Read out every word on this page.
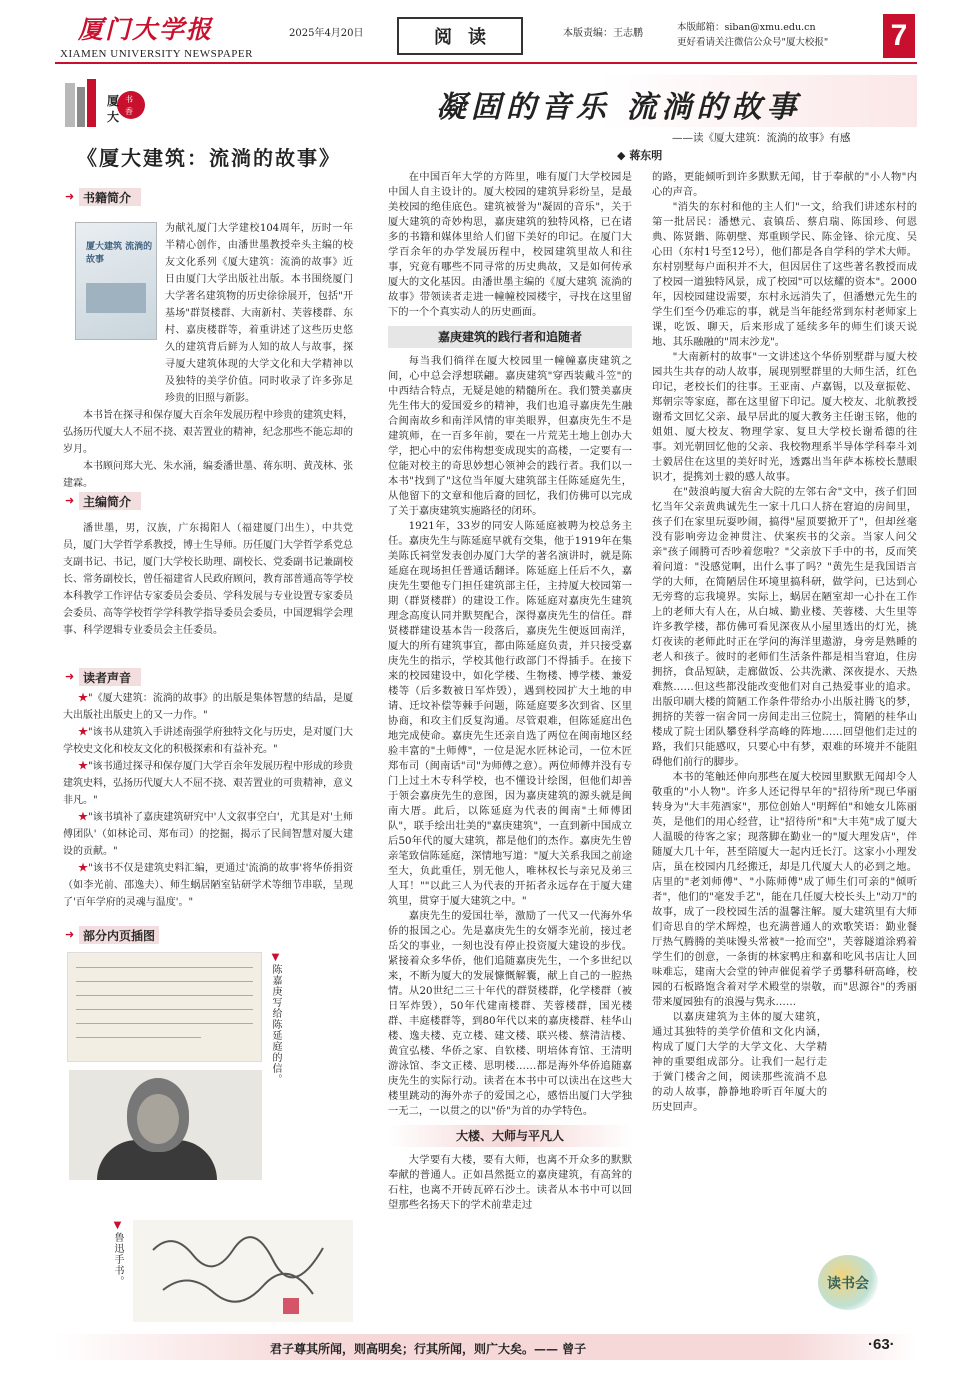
厦门大学报
XIAMEN UNIVERSITY NEWSPAPER
2025年4月20日	阅读	本版责编：王志鹏
本版邮箱：siban@xmu.edu.cn
更好看请关注微信公众号"厦大校报" 7
厦
大
书
香
《厦大建筑：流淌的故事》
➜ 书籍简介
厦大建筑 流淌的故事
为献礼厦门大学建校104周年，历时一年半精心创作，由潘世墨教授牵头主编的校友文化系列《厦大建筑：流淌的故事》近日由厦门大学出版社出版。本书围绕厦门大学著名建筑物的历史徐徐展开，包括"开基场"群贤楼群、大南新村、芙蓉楼群、东村、嘉庚楼群等，着重讲述了这些历史悠久的建筑背后鲜为人知的故人与故事，探寻厦大建筑体现的大学文化和大学精神以及独特的美学价值。同时收录了许多弥足珍贵的旧照与新影。
本书旨在探寻和保存厦大百余年发展历程中珍贵的建筑史料，弘扬历代厦大人不屈不挠、艰苦置业的精神，纪念那些不能忘却的岁月。
本书顾问郑大光、朱水涌，编委潘世墨、蒋东明、黄茂林、张建霖。
➜ 主编简介
潘世墨，男，汉族，广东揭阳人（福建厦门出生），中共党员，厦门大学哲学系教授，博士生导师。历任厦门大学哲学系党总支副书记、书记，厦门大学校长助理、副校长、党委副书记兼副校长、常务副校长，曾任福建省人民政府顾问，教育部普通高等学校本科教学工作评估专家委员会委员、学科发展与专业设置专家委员会委员、高等学校哲学学科教学指导委员会委员，中国逻辑学会理事、科学逻辑专业委员会主任委员。
➜ 读者声音
★"《厦大建筑：流淌的故事》的出版是集体智慧的结晶，是厦大出版社出版史上的又一力作。"
★"该书从建筑入手讲述南强学府独特文化与历史，是对厦门大学校史文化和校友文化的积极探索和有益补充。"
★"该书通过探寻和保存厦门大学百余年发展历程中形成的珍贵建筑史料，弘扬历代厦大人不屈不挠、艰苦置业的可贵精神，意义非凡。"
★"该书填补了嘉庚建筑研究中'人文叙事空白'，尤其是对'土师傅团队'（如林论司、郑布司）的挖掘，揭示了民间智慧对厦大建设的贡献。"
★"该书不仅是建筑史料汇编，更通过'流淌的故事'将华侨捐资（如李光前、邵逸夫）、师生蜗居陋室钻研学术等细节串联，呈现了'百年学府的灵魂与温度'。"
➜ 部分内页插图
▼陈嘉庚写给陈延庭的信。
▼鲁迅手书。
凝固的音乐 流淌的故事
——读《厦大建筑：流淌的故事》有感
◆ 蒋东明

在中国百年大学的方阵里，唯有厦门大学校园是中国人自主设计的。厦大校园的建筑异彩纷呈，是最美校园的绝佳底色。建筑被誉为"凝固的音乐"，关于厦大建筑的奇妙构思，嘉庚建筑的独特风格，已在诸多的书籍和媒体里给人们留下美好的印记。在厦门大学百余年的办学发展历程中，校园建筑里故人和往事，究竟有哪些不同寻常的历史典故，又是如何传承厦大的文化基因。由潘世墨主编的《厦大建筑 流淌的故事》带领读者走进一幢幢校园楼宇，寻找在这里留下的一个个真实动人的历史画面。

嘉庚建筑的践行者和追随者

每当我们徜徉在厦大校园里一幢幢嘉庚建筑之间，心中总会浮想联翩。嘉庚建筑"穿西装戴斗笠"的中西结合特点，无疑是她的精髓所在。我们赞美嘉庚先生伟大的爱国爱乡的精神，我们也追寻嘉庚先生融合闽南故乡和南洋风情的审美眼界，但嘉庚先生不是建筑师，在一百多年前，要在一片荒芜土地上创办大学，把心中的宏伟构想变成现实的高楼，一定要有一位能对校主的奇思妙想心领神会的践行者。我们以一本书"找到了"这位当年厦大建筑部主任陈延庭先生，从他留下的文章和他后裔的回忆，我们仿佛可以完成了关于嘉庚建筑实施路径的闭环。

1921年，33岁的同安人陈延庭被聘为校总务主任。嘉庚先生与陈延庭早就有交集，他于1919年在集美陈氏祠堂发表创办厦门大学的著名演讲时，就是陈延庭在现场担任普通话翻译。陈延庭上任后不久，嘉庚先生要他专门担任建筑部主任，主持厦大校园第一期（群贤楼群）的建设工作。陈延庭对嘉庚先生建筑理念高度认同并默契配合，深得嘉庚先生的信任。群贤楼群建设基本告一段落后，嘉庚先生便返回南洋，厦大的所有建筑事宜，都由陈延庭负责，并只接受嘉庚先生的指示，学校其他行政部门不得插手。在接下来的校园建设中，如化学楼、生物楼、博学楼、兼爱楼等（后多数被日军炸毁），遇到校园扩大土地的申请、迁坟补偿等棘手问题，陈延庭要多次到省、区里协商，和攻主们反复沟通。尽管艰难，但陈延庭出色地完成使命。嘉庚先生还亲自选了两位在闽南地区经验丰富的"土师傅"，一位是泥水匠林论司，一位木匠郑布司（闽南话"司"为师傅之意）。两位师傅并没有专门上过土木专科学校，也不懂设计绘图，但他们却善于领会嘉庚先生的意图，因为嘉庚建筑的源头就是闽南大厝。此后，以陈延庭为代表的闽南"土师傅团队"，联手绘出壮美的"嘉庚建筑"，一直到新中国成立后50年代的厦大建筑，都是他们的杰作。嘉庚先生曾亲笔致信陈延庭，深情地写道："厦大关系我国之前途至大，负此重任，别无他人，唯林权长与亲兄及弟三人耳！""以此三人为代表的开拓者永远存在于厦大建筑里，贯穿于厦大建筑之中。"

嘉庚先生的爱国壮举，激励了一代又一代海外华侨的报国之心。先是嘉庚先生的女婿李光前，接过老岳父的事业，一刻也没有停止投资厦大建设的步伐。紧接着众多华侨，他们追随嘉庚先生，一个多世纪以来，不断为厦大的发展慷慨解囊，献上自己的一腔热情。从20世纪二三十年代的群贤楼群，化学楼群（被日军炸毁），50年代建南楼群、芙蓉楼群，国光楼群、丰庭楼群等，到80年代以来的嘉庚楼群、桂华山楼、逸夫楼、克立楼、建文楼、联兴楼、蔡清洁楼、黄宜弘楼、华侨之家、自钦楼、明培体育馆、王清明游泳馆、李文正楼、思明楼……都是海外华侨追随嘉庚先生的实际行动。读者在本书中可以读出在这些大楼里跳动的海外赤子的爱国之心，感悟出厦门大学独一无二，一以贯之的以"侨"为首的办学特色。

大楼、大师与平凡人

大学要有大楼，要有大师，也离不开众多的默默奉献的普通人。正如昌然挺立的嘉庚建筑，有高耸的石柱，也离不开砖瓦碎石沙土。读者从本书中可以回望那些名扬天下的学术前辈走过

的路，更能倾听到许多默默无闻，甘于奉献的"小人物"内心的声音。

"消失的东村和他的主人们"一文，给我们讲述东村的第一批居民：潘懋元、袁镇岳、蔡启瑞、陈国珍、何恩典、陈贤鍇、陈朝壁、郑重顾学民、陈金锋、徐元度、吴心田（东村1号至12号），他们都是各自学科的学术大师。东村别墅每户面积并不大，但因居住了这些著名教授而成了校园一道独特风景，成了校园"可以炫耀的资本"。2000年，因校园建设需要，东村永远消失了，但潘懋元先生的学生们至今仍难忘的事，就是当年能经常到东村老师家上课，吃饭、聊天，后来形成了延续多年的师生们谈天说地、其乐融融的"周末沙龙"。

"大南新村的故事"一文讲述这个华侨别墅群与厦大校园共生共存的动人故事，展现别墅群里的大师生活，红色印记，老校长们的往事。王亚南、卢嘉锡，以及章振乾、郑朝宗等家庭，都在这里留下印记。厦大校友、北航教授谢希文回忆父亲、最早居此的厦大教务主任谢玉铭，他的姐姐、厦大校友、物理学家、复旦大学校长谢希德的往事。刘光朝回忆他的父亲、我校物理系半导体学科奉斗刘士毅居住在这里的美好时光，透露出当年萨本栋校长慧眼识才，提携刘士毅的感人故事。

在"鼓浪屿厦大宿舍大院的左邻右舍"文中，孩子们回忆当年父亲黄典诚先生一家十几口人挤在窘迫的房间里，孩子们在家里玩耍吵闹，搞得"屋顶要掀开了"，但却丝毫没有影响旁边金神贯注、伏案疾书的父亲。当家人问父亲"孩子闹腾可否吵着您啦？"父亲放下手中的书，反而笑着问道："没感觉啊，出什么事了吗？"黄先生是我国语言学的大师，在简陋居住环境里搞科研，做学问，已达到心无旁骛的忘我境界。实际上，蜗居在陋室却一心扑在工作上的老师大有人在，从白城、勤业楼、芙蓉楼、大生里等许多教学楼，都仿佛可看见深夜从小屋里透出的灯光，挑灯夜读的老师此时正在学问的海洋里遨游，身旁是熟睡的老人和孩子。彼时的老师们生活条件都是相当窘迫，住房拥挤，食品短缺，走廊做饭、公共洗漱、深夜提水、天热难熬……但这些都没能改变他们对自己热爱事业的追求。出版印刷大楼的简陋工作条件带给办小出版社腾飞的梦，拥挤的芙蓉一宿舍同一房间走出三位院士，简陋的桂华山楼成了院士团队攀登科学高峰的阵地……回望他们走过的路，我们只能感叹，只要心中有梦，艰难的环境并不能阻碍他们前行的脚步。

本书的笔触还伸向那些在厦大校园里默默无闻却令人敬重的"小人物"。许多人还记得早年的"招待所"现已华丽转身为"大丰苑酒家"，那位创始人"明辉伯"和她女儿陈丽英，是他们的用心经营，让"招待所"和"大丰苑"成了厦大人温暖的待客之家；现落脚在勤业一的"厦大理发店"，伴随厦大几十年，甚至陪厦大一起内迁长汀。这家小小理发店，虽在校园内几经搬迁，却是几代厦大人的必到之地。店里的"老刘师傅"、"小陈师傅"成了师生们可亲的"倾听者"，他们的"毫发手艺"，能在几任厦大校长头上"动刀"的故事，成了一段校园生活的温馨注解。厦大建筑里有大师们奇思自的学术辉煌，也充满普通人的欢歌笑语：勤业餐厅热气腾腾的美味馒头常被"一抢而空"，芙蓉隧道涂鸦着学生们的创意，一条街的林家鸭庄和嘉和吃风书店让人回味难忘，建南大会堂的钟声催促着学子勇攀科研高峰，校园的石板路饱含着对学术殿堂的崇敬，而"思源谷"的秀丽带来厦园独有的浪漫与隽永……

以嘉庚建筑为主体的厦大建筑，通过其独特的美学价值和文化内涵，构成了厦门大学的大学文化、大学精神的重要组成部分。让我们一起行走于黉门楼舍之间，阅读那些流淌不息的动人故事，静静地聆听百年厦大的历史回声。

读书会
君子尊其所闻，则高明矣；行其所闻，则广大矣。—— 曾子	·63·
